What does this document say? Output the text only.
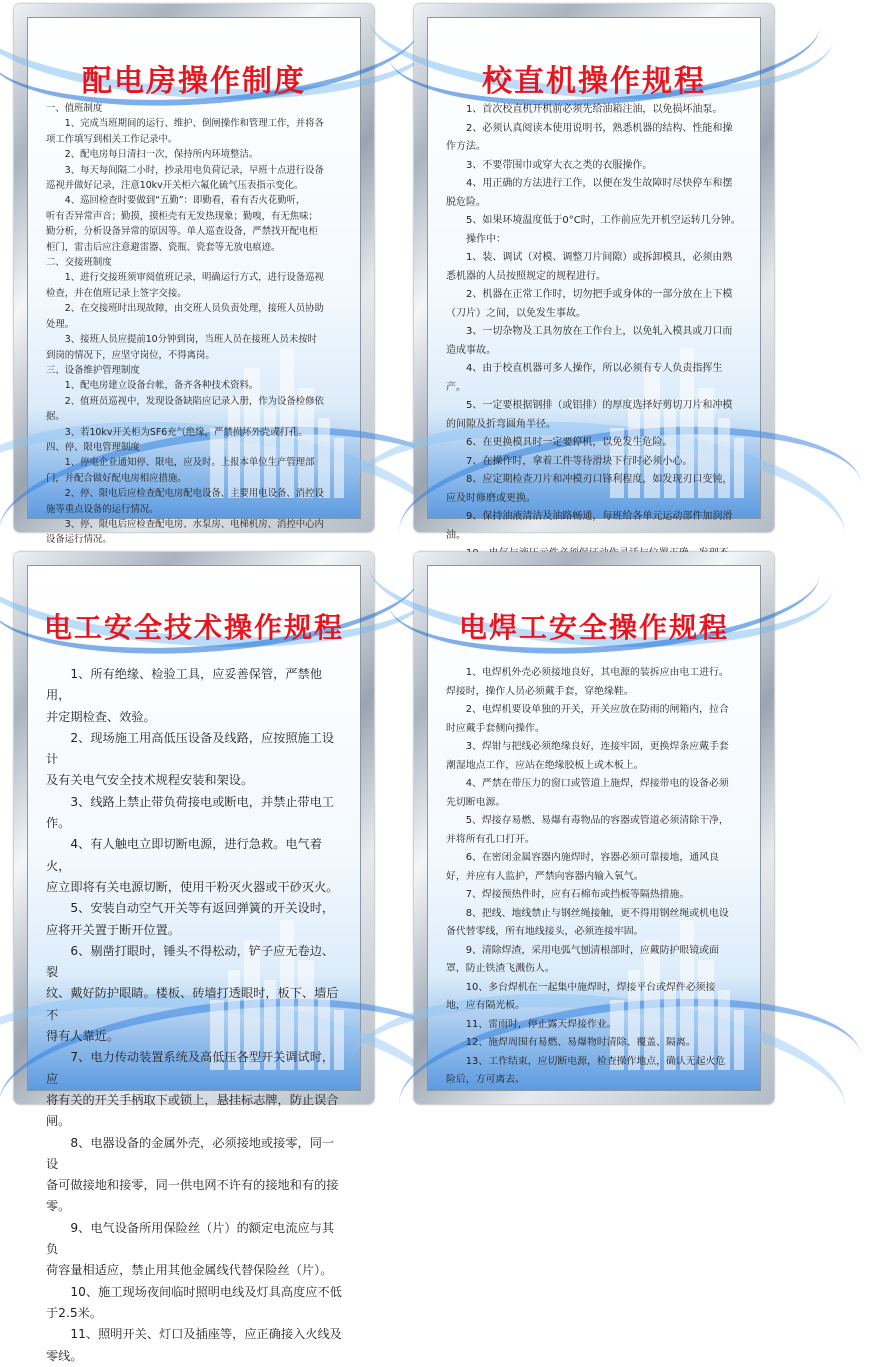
配电房操作制度

一、值班制度

　　1、完成当班期间的运行、维护、倒闸操作和管理工作，并将各

项工作填写到相关工作记录中。

　　2、配电房每日清扫一次，保持所内环境整洁。

　　3、每天每间隔二小时，抄录用电负荷记录，早班十点进行设备

巡视并做好记录，注意10kv开关柜六氟化硫气压表指示变化。

　　4、巡回检查时要做到“五勤”：即勤看，看有否火花勤听，

听有否异常声音；勤摸，摸柜壳有无发热现象；勤嗅，有无焦味；

勤分析，分析设备异常的原因等。单人巡查设备，严禁找开配电柜

柜门，雷击后应注意避雷器、瓷瓶、瓷套等无放电痕迹。

二、交接班制度

　　1、进行交接班须审阅值班记录，明确运行方式，进行设备巡视

检查，并在值班记录上签字交接。

　　2、在交接班时出现故障，由交班人员负责处理，接班人员协助

处理。

　　3、接班人员应提前10分钟到岗，当班人员在接班人员未按时

到岗的情况下，应坚守岗位，不得离岗。

三、设备维护管理制度

　　1、配电房建立设备台帐，备齐各种技术资料。

　　2、值班员巡视中，发现设备缺陷应记录入册，作为设备检修依

据。

　　3、若10kv开关柜为SF6充气绝缘，严禁损坏外壳或打孔。

四、停、限电管理制度

　　1、停电企业通知停、限电，应及时。上报本单位生产管理部

门，并配合做好配电房相应措施。

　　2、停、限电后应检查配电房配电设备、主要用电设备、消控设

施等重点设备的运行情况。

　　3、停、限电后应检查配电房、水泵房、电梯机房、消控中心内

设备运行情况。

校直机操作规程

　　1、首次校直机开机前必须先给油箱注油，以免损坏油泵。

　　2、必须认真阅读本使用说明书，熟悉机器的结构、性能和操

作方法。

　　3、不要带围巾或穿大衣之类的衣服操作。

　　4、用正确的方法进行工作，以便在发生故障时尽快停车和摆

脱危险。

　　5、如果环境温度低于0°C时，工作前应先开机空运转几分钟。

　　操作中：

　　1、装、调试（对模、调整刀片间隙）或拆卸模具，必须由熟

悉机器的人员按照规定的规程进行。

　　2、机器在正常工作时，切勿把手或身体的一部分放在上下模

（刀片）之间，以免发生事故。

　　3、一切杂物及工具勿放在工作台上，以免轧入模具或刀口而

造成事故。

　　4、由于校直机器可多人操作，所以必须有专人负责指挥生

产。

　　5、一定要根据钢排（或铝排）的厚度选择好剪切刀片和冲模

的间隙及折弯圆角半径。

　　6、在更换模具时一定要停机，以免发生危险。

　　7、在操作时，拿着工件等待滑块下行时必须小心。

　　8、应定期检查刀片和冲模刃口锋利程度，如发现刃口变钝，

应及时修磨或更换。

　　9、保持油液清洁及油路畅通，每班给各单元运动部件加润滑

油。

电工安全技术操作规程

　　1、所有绝缘、检验工具，应妥善保管，严禁他用，

并定期检查、效验。

　　2、现场施工用高低压设备及线路，应按照施工设计

及有关电气安全技术规程安装和架设。

　　3、线路上禁止带负荷接电或断电，并禁止带电工作。

　　4、有人触电立即切断电源，进行急救。电气着火，

应立即将有关电源切断，使用干粉灭火器或干砂灭火。

　　5、安装自动空气开关等有返回弹簧的开关设时，

应将开关置于断开位置。

　　6、剔凿打眼时，锤头不得松动，铲子应无卷边、裂

纹、戴好防护眼睛。楼板、砖墙打透眼时，板下、墙后不

得有人靠近。

　　7、电力传动装置系统及高低压各型开关调试时，应

将有关的开关手柄取下或锁上，悬挂标志牌，防止误合闸。

　　8、电器设备的金属外壳，必须接地或接零，同一设

备可做接地和接零，同一供电网不许有的接地和有的接零。

　　9、电气设备所用保险丝（片）的额定电流应与其负

荷容量相适应，禁止用其他金属线代替保险丝（片）。

　　10、施工现场夜间临时照明电线及灯具高度应不低

于2.5米。

　　11、照明开关、灯口及插座等，应正确接入火线及

零线。

电焊工安全操作规程

　　1、电焊机外壳必须接地良好，其电源的装拆应由电工进行。

焊接时，操作人员必须戴手套，穿绝缘鞋。

　　2、电焊机要设单独的开关，开关应放在防雨的闸箱内，拉合

时应戴手套侧向操作。

　　3、焊钳与把线必须绝缘良好，连接牢固，更换焊条应戴手套

潮湿地点工作，应站在绝缘胶板上或木板上。

　　4、严禁在带压力的窗口或管道上施焊，焊接带电的设备必须

先切断电源。

　　5、焊接存易燃、易爆有毒物品的容器或管道必须清除干净，

并将所有孔口打开。

　　6、在密闭金属容器内施焊时，容器必须可靠接地，通风良

好，并应有人监护，严禁向容器内输入氧气。

　　7、焊接预热件时，应有石棉布或挡板等隔热措施。

　　8、把线、地线禁止与钢丝绳接触，更不得用钢丝绳或机电设

备代替零线，所有地线接头，必须连接牢固。

　　9、清除焊渣，采用电弧气刨清根部时，应戴防护眼镜或面

罩，防止铁渣飞溅伤人。

　　10、多台焊机在一起集中施焊时，焊接平台或焊件必须接

地，应有隔光板。

　　11、雷雨时，停止露天焊接作业。

　　12、施焊周围有易燃、易爆物时清除、覆盖、隔离。

　　13、工作结束，应切断电源，检查操作地点，确认无起火危

险后，方可离去。
